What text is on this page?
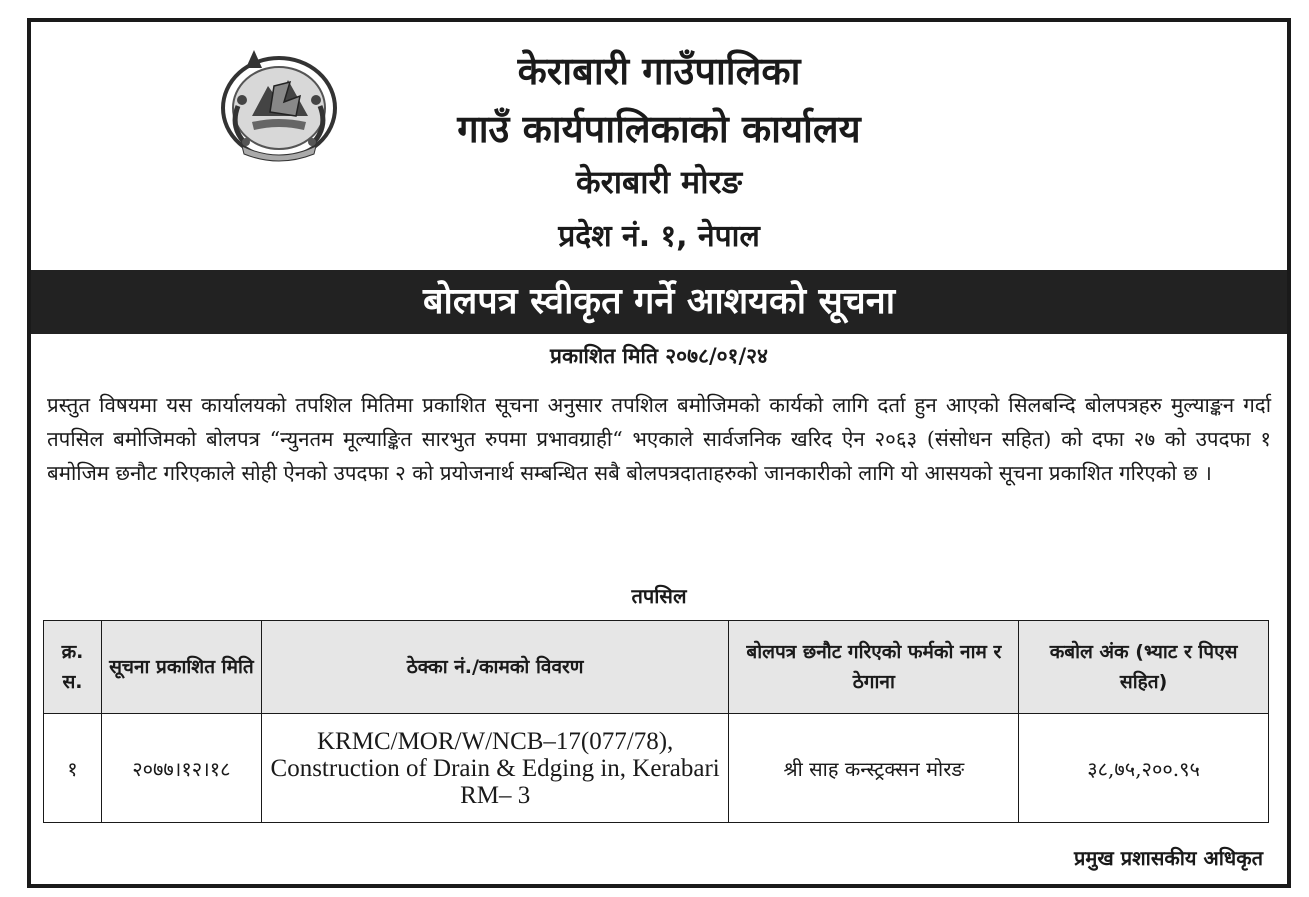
केराबारी गाउँपालिका
गाउँ कार्यपालिकाको कार्यालय
केराबारी मोरङ
प्रदेश नं. १, नेपाल
बोलपत्र स्वीकृत गर्ने आशयको सूचना
प्रकाशित मिति २०७८/०१/२४
प्रस्तुत विषयमा यस कार्यालयको तपशिल मितिमा प्रकाशित सूचना अनुसार तपशिल बमोजिमको कार्यको लागि दर्ता हुन आएको सिलबन्दि बोलपत्रहरु मुल्याङ्कन गर्दा तपसिल बमोजिमको बोलपत्र “न्युनतम मूल्याङ्कित सारभुत रुपमा प्रभावग्राही“ भएकाले सार्वजनिक खरिद ऐन २०६३ (संसोधन सहित) को दफा २७ को उपदफा १ बमोजिम छनौट गरिएकाले सोही ऐनको उपदफा २ को प्रयोजनार्थ सम्बन्धित सबै बोलपत्रदाताहरुको जानकारीको लागि यो आसयको सूचना प्रकाशित गरिएको छ ।
तपसिल
क्र. स.	सूचना प्रकाशित मिति	ठेक्का नं./कामको विवरण	बोलपत्र छनौट गरिएको फर्मको नाम र ठेगाना	कबोल अंक (भ्याट र पिएस सहित)
१	२०७७।१२।१८	KRMC/MOR/W/NCB–17(077/78), Construction of Drain & Edging in, Kerabari RM– 3	श्री साह कन्स्ट्रक्सन मोरङ	३८,७५,२००.९५
प्रमुख प्रशासकीय अधिकृत
